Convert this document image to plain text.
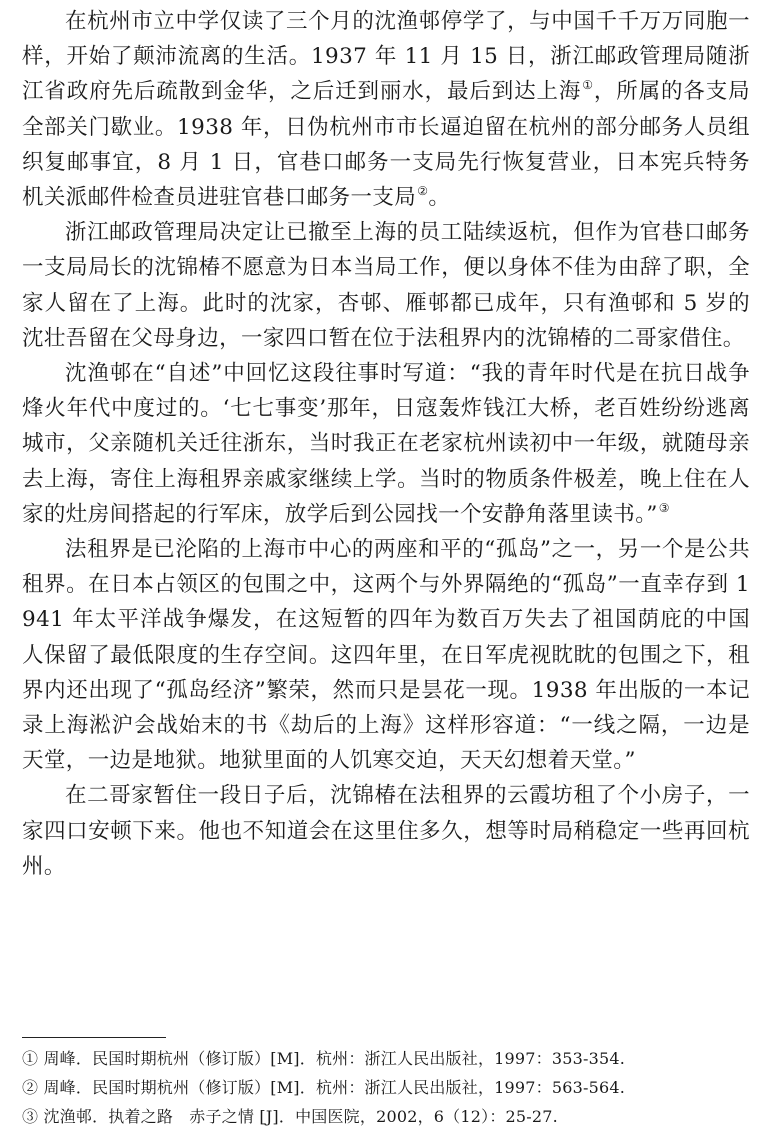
在杭州市立中学仅读了三个月的沈渔邨停学了，与中国千千万万同胞一样，开始了颠沛流离的生活。1937 年 11 月 15 日，浙江邮政管理局随浙江省政府先后疏散到金华，之后迁到丽水，最后到达上海①，所属的各支局全部关门歇业。1938 年，日伪杭州市市长逼迫留在杭州的部分邮务人员组织复邮事宜，8 月 1 日，官巷口邮务一支局先行恢复营业，日本宪兵特务机关派邮件检查员进驻官巷口邮务一支局②。

浙江邮政管理局决定让已撤至上海的员工陆续返杭，但作为官巷口邮务一支局局长的沈锦椿不愿意为日本当局工作，便以身体不佳为由辞了职，全家人留在了上海。此时的沈家，杏邨、雁邨都已成年，只有渔邨和 5 岁的沈壮吾留在父母身边，一家四口暂在位于法租界内的沈锦椿的二哥家借住。

沈渔邨在“自述”中回忆这段往事时写道：“我的青年时代是在抗日战争烽火年代中度过的。‘七七事变’那年，日寇轰炸钱江大桥，老百姓纷纷逃离城市，父亲随机关迁往浙东，当时我正在老家杭州读初中一年级，就随母亲去上海，寄住上海租界亲戚家继续上学。当时的物质条件极差，晚上住在人家的灶房间搭起的行军床，放学后到公园找一个安静角落里读书。”③

法租界是已沦陷的上海市中心的两座和平的“孤岛”之一，另一个是公共租界。在日本占领区的包围之中，这两个与外界隔绝的“孤岛”一直幸存到 1941 年太平洋战争爆发，在这短暂的四年为数百万失去了祖国荫庇的中国人保留了最低限度的生存空间。这四年里，在日军虎视眈眈的包围之下，租界内还出现了“孤岛经济”繁荣，然而只是昙花一现。1938 年出版的一本记录上海淞沪会战始末的书《劫后的上海》这样形容道：“一线之隔，一边是天堂，一边是地狱。地狱里面的人饥寒交迫，天天幻想着天堂。”

在二哥家暂住一段日子后，沈锦椿在法租界的云霞坊租了个小房子，一家四口安顿下来。他也不知道会在这里住多久，想等时局稍稳定一些再回杭州。

① 周峰．民国时期杭州（修订版）[M]．杭州：浙江人民出版社，1997：353-354.

② 周峰．民国时期杭州（修订版）[M]．杭州：浙江人民出版社，1997：563-564.

③ 沈渔邨．执着之路　赤子之情 [J]．中国医院，2002，6（12）：25-27.
